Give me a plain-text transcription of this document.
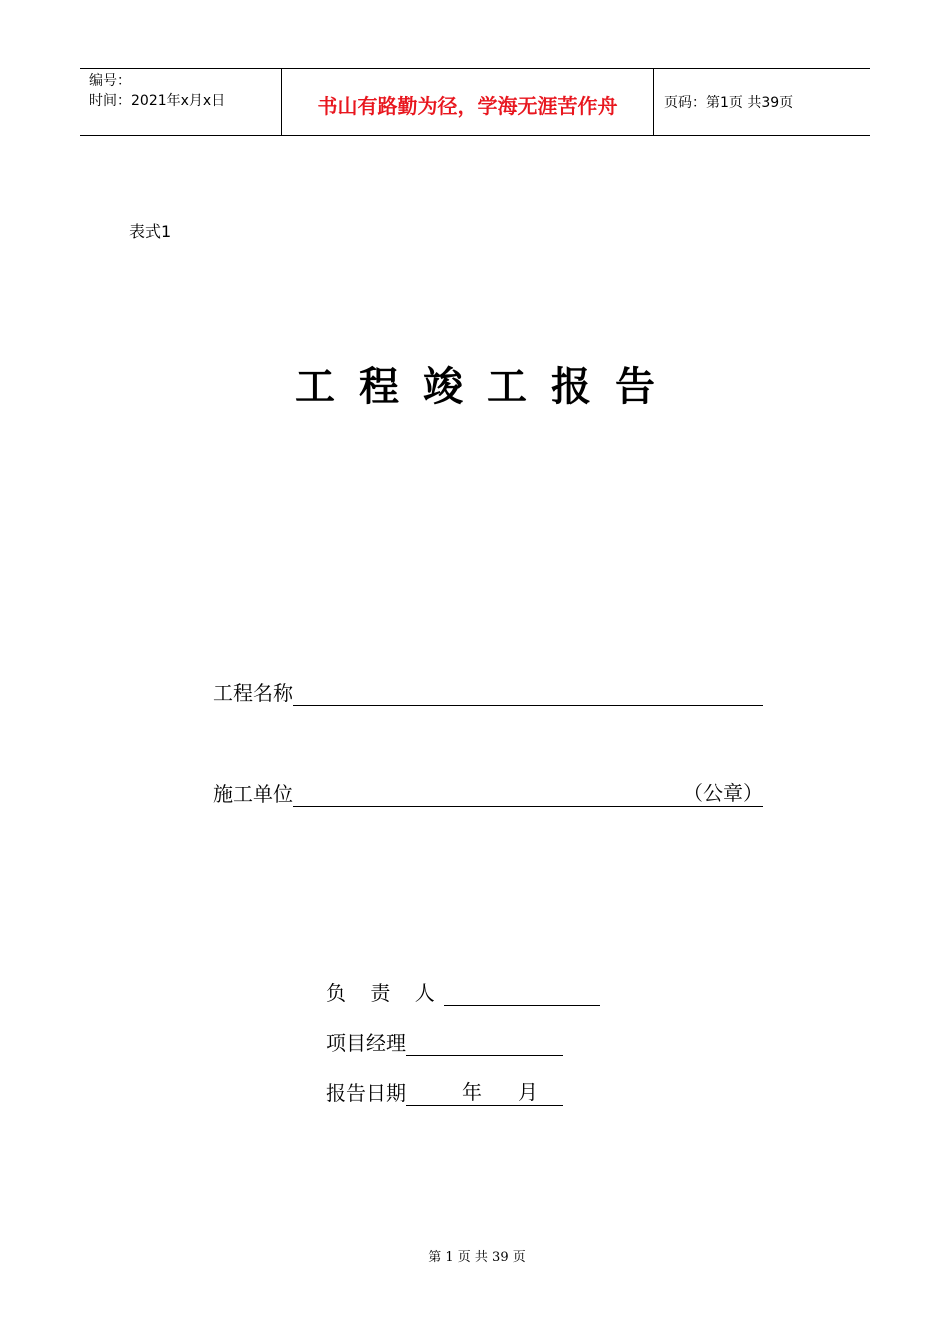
编号：
时间：2021年x月x日	书山有路勤为径，学海无涯苦作舟	页码：第1页 共39页
表式1
工程竣工报告
工程名称
施工单位	（公章）
负 责 人
项目经理
报告日期	年 月
第 1 页 共 39 页
